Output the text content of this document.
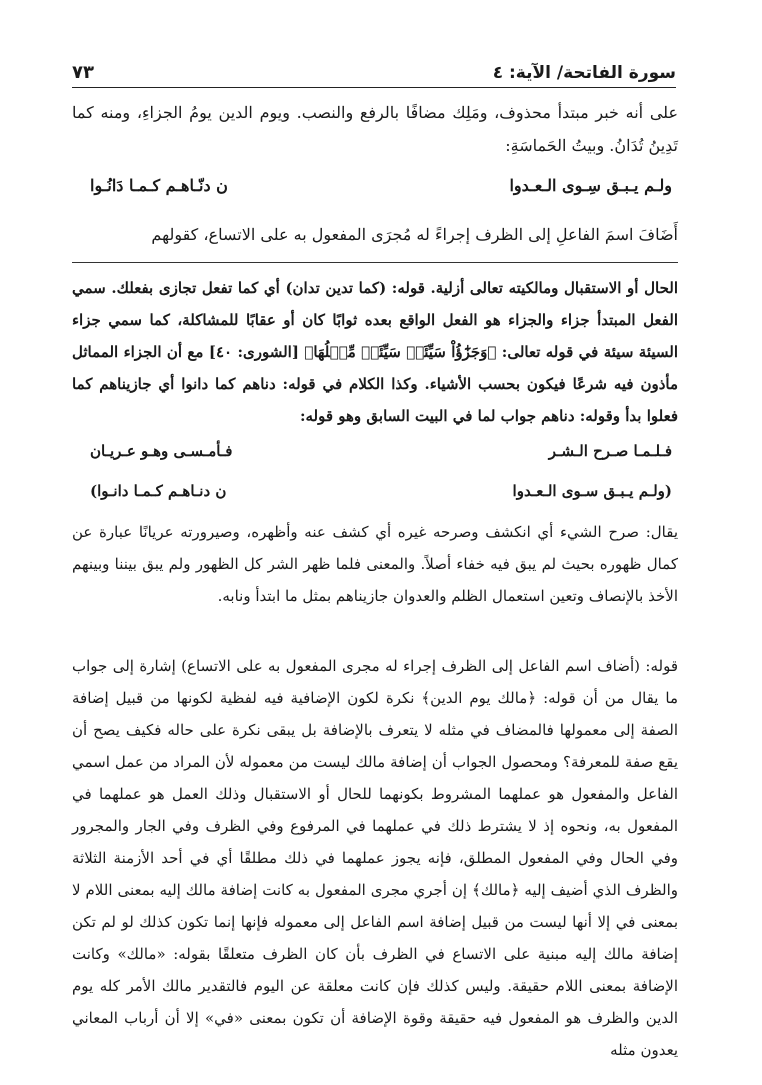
سورة الفاتحة/ الآية: ٤
٧٣

على أنه خبر مبتدأ محذوف، ومَلِك مضافًا بالرفع والنصب. ويوم الدين يومُ الجزاءِ، ومنه كما تَدِينُ تُدَانُ. وبيتُ الحَماسَةِ:

ولـم يـبـق سِـوى الـعـدوا
ن دنّـاهـم كـمـا دَانُـوا

أَضَافَ اسمَ الفاعلِ إلى الظرف إجراءً له مُجرَى المفعول به على الاتساع، كقولهم

الحال أو الاستقبال ومالكيته تعالى أزلية. قوله: (كما تدين تدان) أي كما تفعل تجازى بفعلك. سمي الفعل المبتدأ جزاء والجزاء هو الفعل الواقع بعده ثوابًا كان أو عقابًا للمشاكلة، كما سمي جزاء السيئة سيئة في قوله تعالى: ﴿وَجَزَٰٓؤُاْ سَيِّئَةٖ سَيِّئَةٞ مِّثۡلُهَا﴾ [الشورى: ٤٠] مع أن الجزاء المماثل مأذون فيه شرعًا فيكون بحسب الأشياء. وكذا الكلام في قوله: دناهم كما دانوا أي جازيناهم كما فعلوا بدأ وقوله: دناهم جواب لما في البيت السابق وهو قوله:

فـلـمـا صـرح الـشـر
فـأمـسـى وهـو عـريـان
(ولـم يـبـق سـوى الـعـدوا
ن دنـاهـم كـمـا دانـوا)

يقال: صرح الشيء أي انكشف وصرحه غيره أي كشف عنه وأظهره، وصيرورته عريانًا عبارة عن كمال ظهوره بحيث لم يبق فيه خفاء أصلاً. والمعنى فلما ظهر الشر كل الظهور ولم يبق بيننا وبينهم الأخذ بالإنصاف وتعين استعمال الظلم والعدوان جازيناهم بمثل ما ابتدأ ونابه.

قوله: (أضاف اسم الفاعل إلى الظرف إجراء له مجرى المفعول به على الاتساع) إشارة إلى جواب ما يقال من أن قوله: ﴿مالك يوم الدين﴾ نكرة لكون الإضافية فيه لفظية لكونها من قبيل إضافة الصفة إلى معمولها فالمضاف في مثله لا يتعرف بالإضافة بل يبقى نكرة على حاله فكيف يصح أن يقع صفة للمعرفة؟ ومحصول الجواب أن إضافة مالك ليست من معموله لأن المراد من عمل اسمي الفاعل والمفعول هو عملهما المشروط بكونهما للحال أو الاستقبال وذلك العمل هو عملهما في المفعول به، ونحوه إذ لا يشترط ذلك في عملهما في المرفوع وفي الظرف وفي الجار والمجرور وفي الحال وفي المفعول المطلق، فإنه يجوز عملهما في ذلك مطلقًا أي في أحد الأزمنة الثلاثة والظرف الذي أضيف إليه ﴿مالك﴾ إن أجري مجرى المفعول به كانت إضافة مالك إليه بمعنى اللام لا بمعنى في إلا أنها ليست من قبيل إضافة اسم الفاعل إلى معموله فإنها إنما تكون كذلك لو لم تكن إضافة مالك إليه مبنية على الاتساع في الظرف بأن كان الظرف متعلقًا بقوله: «مالك» وكانت الإضافة بمعنى اللام حقيقة. وليس كذلك فإن كانت معلقة عن اليوم فالتقدير مالك الأمر كله يوم الدين والظرف هو المفعول فيه حقيقة وقوة الإضافة أن تكون بمعنى «في» إلا أن أرباب المعاني يعدون مثله
